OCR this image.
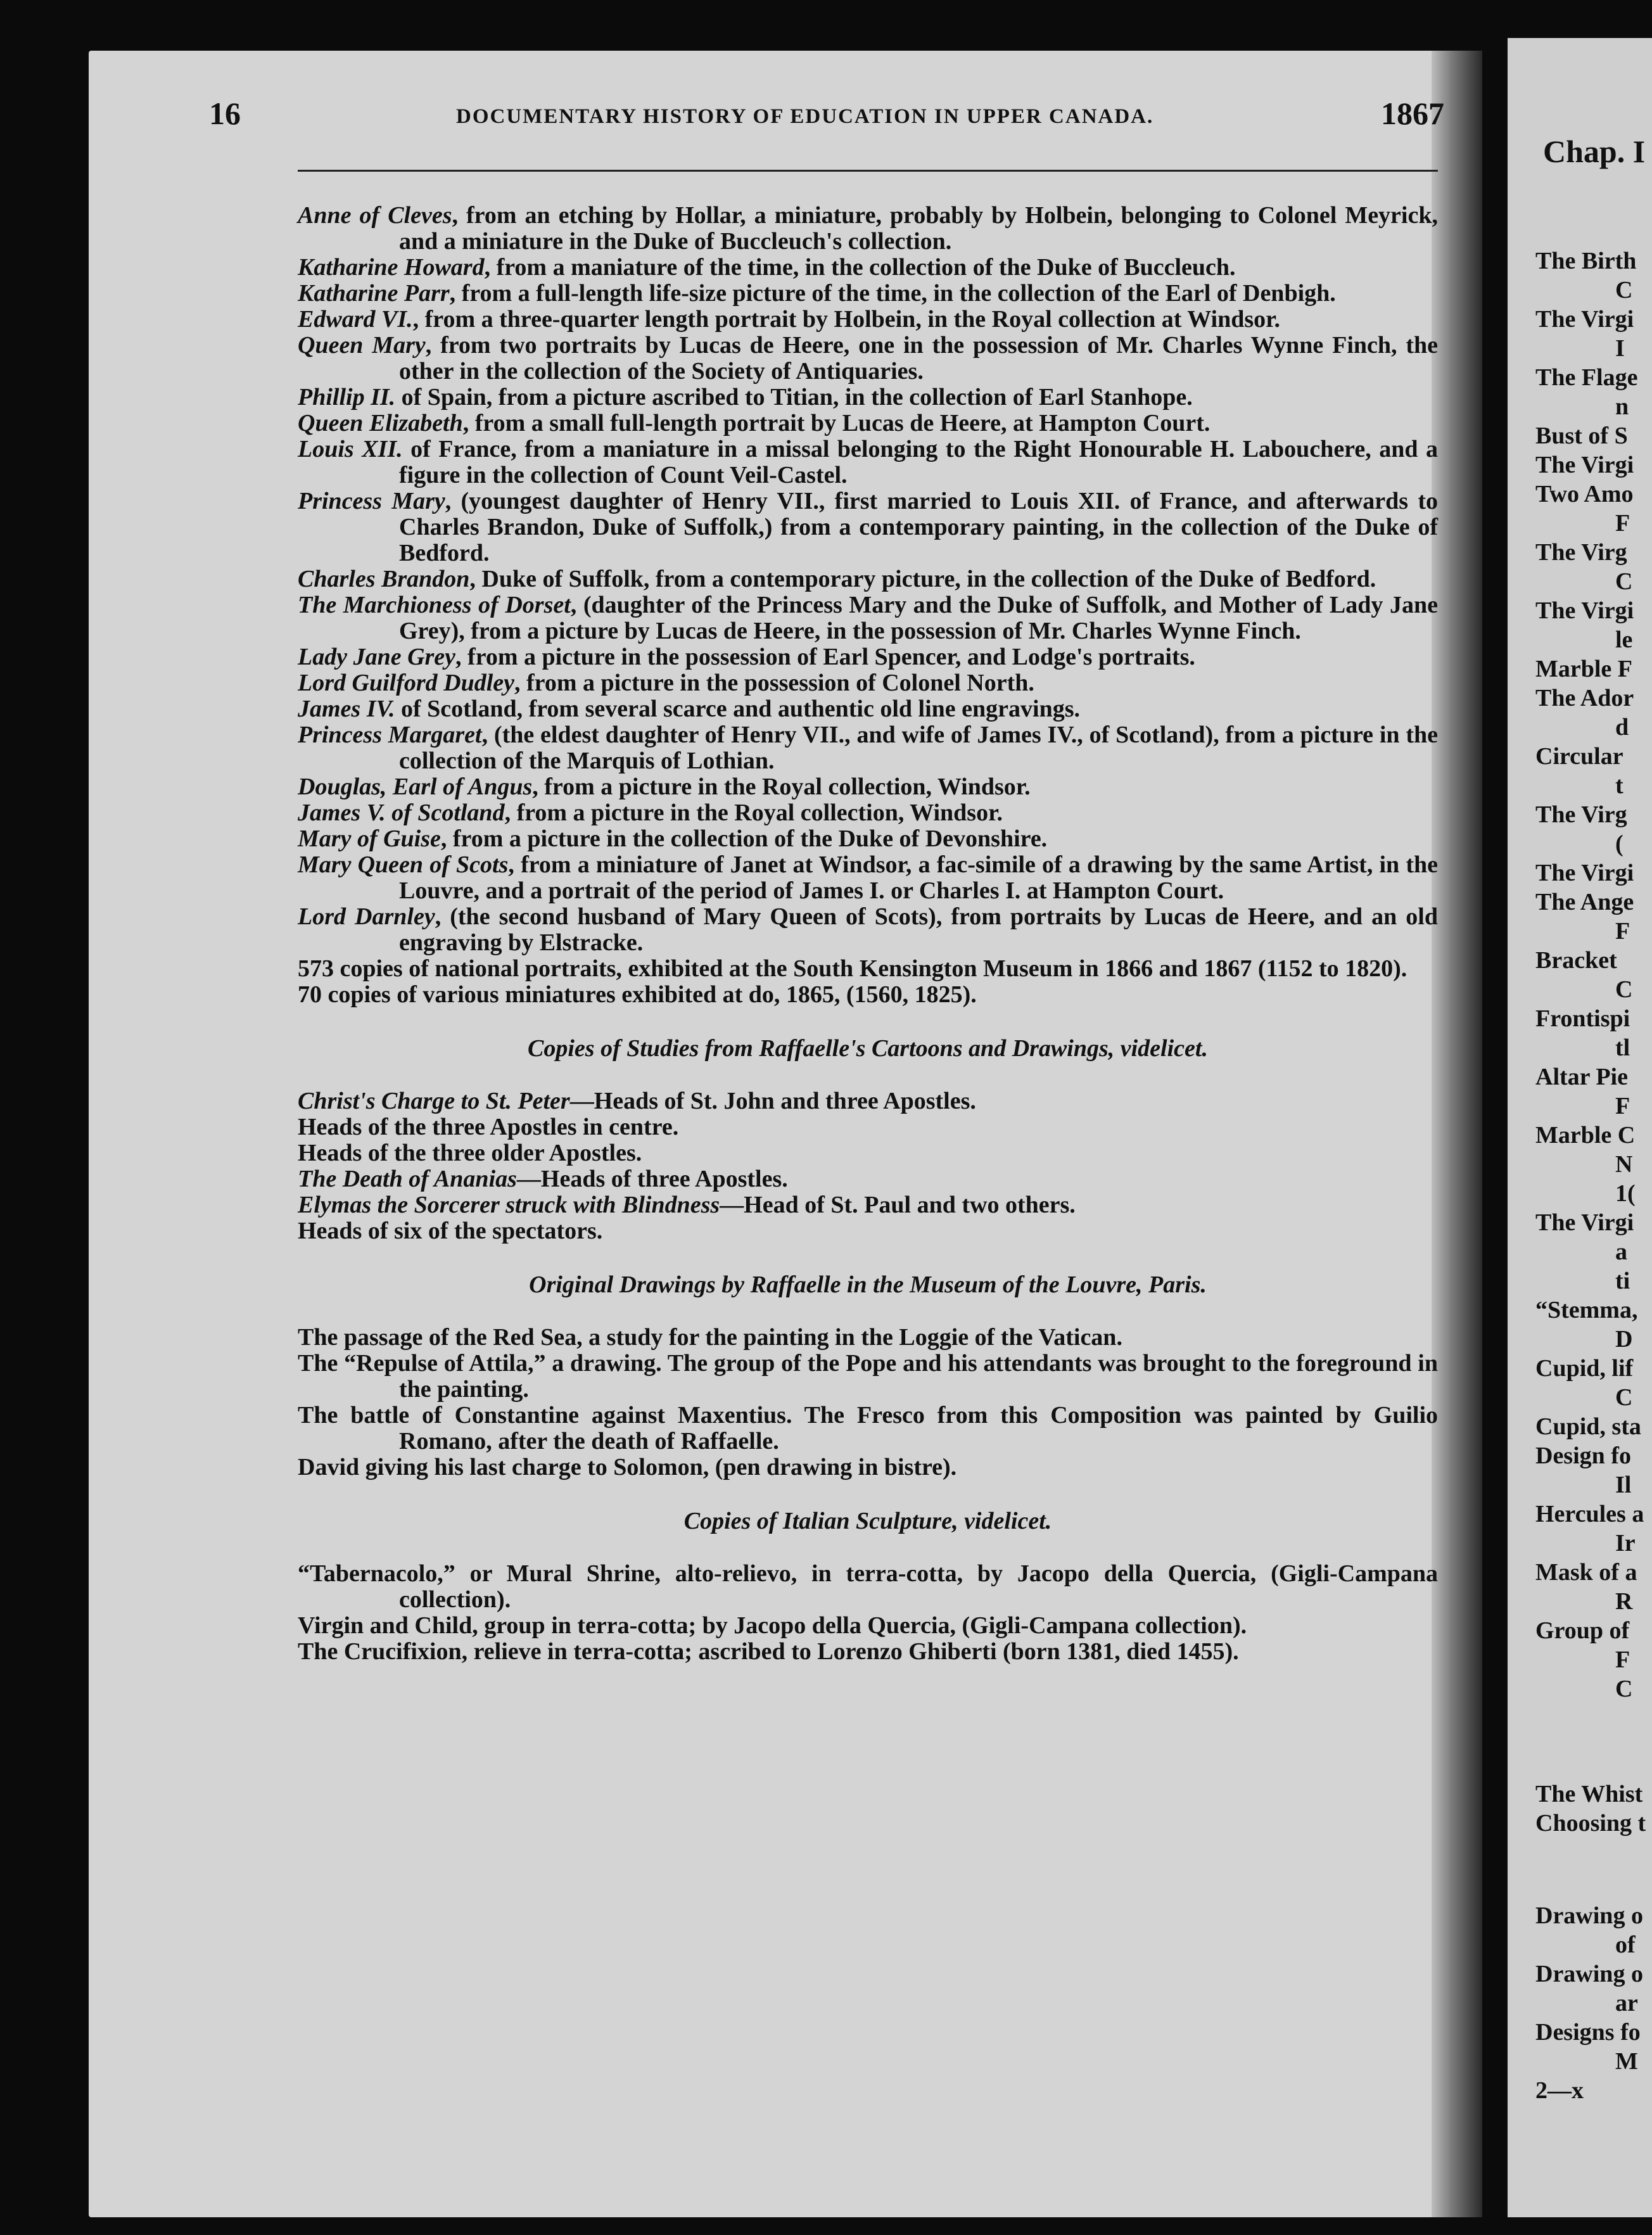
16	DOCUMENTARY HISTORY OF EDUCATION IN UPPER CANADA.	1867

Anne of Cleves, from an etching by Hollar, a miniature, probably by Holbein, belonging to Colonel Meyrick, and a miniature in the Duke of Buccleuch's collection.

Katharine Howard, from a maniature of the time, in the collection of the Duke of Buccleuch.

Katharine Parr, from a full-length life-size picture of the time, in the collection of the Earl of Denbigh.

Edward VI., from a three-quarter length portrait by Holbein, in the Royal collection at Windsor.

Queen Mary, from two portraits by Lucas de Heere, one in the possession of Mr. Charles Wynne Finch, the other in the collection of the Society of Antiquaries.

Phillip II. of Spain, from a picture ascribed to Titian, in the collection of Earl Stanhope.

Queen Elizabeth, from a small full-length portrait by Lucas de Heere, at Hampton Court.

Louis XII. of France, from a maniature in a missal belonging to the Right Honourable H. Labouchere, and a figure in the collection of Count Veil-Castel.

Princess Mary, (youngest daughter of Henry VII., first married to Louis XII. of France, and afterwards to Charles Brandon, Duke of Suffolk,) from a contemporary painting, in the collection of the Duke of Bedford.

Charles Brandon, Duke of Suffolk, from a contemporary picture, in the collection of the Duke of Bedford.

The Marchioness of Dorset, (daughter of the Princess Mary and the Duke of Suffolk, and Mother of Lady Jane Grey), from a picture by Lucas de Heere, in the possession of Mr. Charles Wynne Finch.

Lady Jane Grey, from a picture in the possession of Earl Spencer, and Lodge's portraits.

Lord Guilford Dudley, from a picture in the possession of Colonel North.

James IV. of Scotland, from several scarce and authentic old line engravings.

Princess Margaret, (the eldest daughter of Henry VII., and wife of James IV., of Scotland), from a picture in the collection of the Marquis of Lothian.

Douglas, Earl of Angus, from a picture in the Royal collection, Windsor.

James V. of Scotland, from a picture in the Royal collection, Windsor.

Mary of Guise, from a picture in the collection of the Duke of Devonshire.

Mary Queen of Scots, from a miniature of Janet at Windsor, a fac-simile of a drawing by the same Artist, in the Louvre, and a portrait of the period of James I. or Charles I. at Hampton Court.

Lord Darnley, (the second husband of Mary Queen of Scots), from portraits by Lucas de Heere, and an old engraving by Elstracke.

573 copies of national portraits, exhibited at the South Kensington Museum in 1866 and 1867 (1152 to 1820).

70 copies of various miniatures exhibited at do, 1865, (1560, 1825).

Copies of Studies from Raffaelle's Cartoons and Drawings, videlicet.

Christ's Charge to St. Peter—Heads of St. John and three Apostles.

Heads of the three Apostles in centre.

Heads of the three older Apostles.

The Death of Ananias—Heads of three Apostles.

Elymas the Sorcerer struck with Blindness—Head of St. Paul and two others.

Heads of six of the spectators.

Original Drawings by Raffaelle in the Museum of the Louvre, Paris.

The passage of the Red Sea, a study for the painting in the Loggie of the Vatican.

The “Repulse of Attila,” a drawing. The group of the Pope and his attendants was brought to the foreground in the painting.

The battle of Constantine against Maxentius. The Fresco from this Composition was painted by Guilio Romano, after the death of Raffaelle.

David giving his last charge to Solomon, (pen drawing in bistre).

Copies of Italian Sculpture, videlicet.

“Tabernacolo,” or Mural Shrine, alto-relievo, in terra-cotta, by Jacopo della Quercia, (Gigli-Campana collection).

Virgin and Child, group in terra-cotta; by Jacopo della Quercia, (Gigli-Campana collection).

The Crucifixion, relieve in terra-cotta; ascribed to Lorenzo Ghiberti (born 1381, died 1455).

Chap. I
The Birth
C
The Virgi
I
The Flage
n
Bust of S
The Virgi
Two Amo
F
The Virg
C
The Virgi
le
Marble F
The Ador
d
Circular
t
The Virg
(
The Virgi
The Ange
F
Bracket
C
Frontispi
tl
Altar Pie
F
Marble C
N
1(
The Virgi
a
ti
“Stemma,
D
Cupid, lif
C
Cupid, sta
Design fo
Il
Hercules a
Ir
Mask of a
R
Group of
F
C
The Whist
Choosing t
Drawing o
of
Drawing o
ar
Designs fo
M
2—x
